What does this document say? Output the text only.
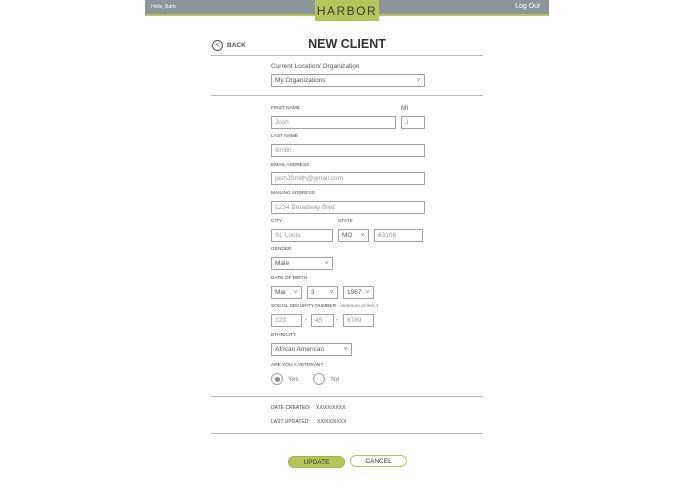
Hello, Barb	HARBOR	Log Out
<	BACK	NEW CLIENT
Current Location/ Organization
My Organizations	v
FIRST NAME	MI
Josh	J
LAST NAME
Smith
EMAIL ADDRESS
joshJSmith@gmail.com
MAILING ADDRESS
1234 Broadway Blvd
CITY	STATE
St. Louis	MO v	63108
GENDER
Male	v
DATE OF BIRTH
Mar v	3	v	1967 v
SOCIAL SECURITY NUMBER - minimum of last 4
123	-	45	-	6789
ETHNICITY
African American	v
ARE YOU A VETERAN?
Yes	No
DATE CREATED: XX/XX/XXXX
LAST UPDATED: XX/XX/XXXX
UPDATE	CANCEL
